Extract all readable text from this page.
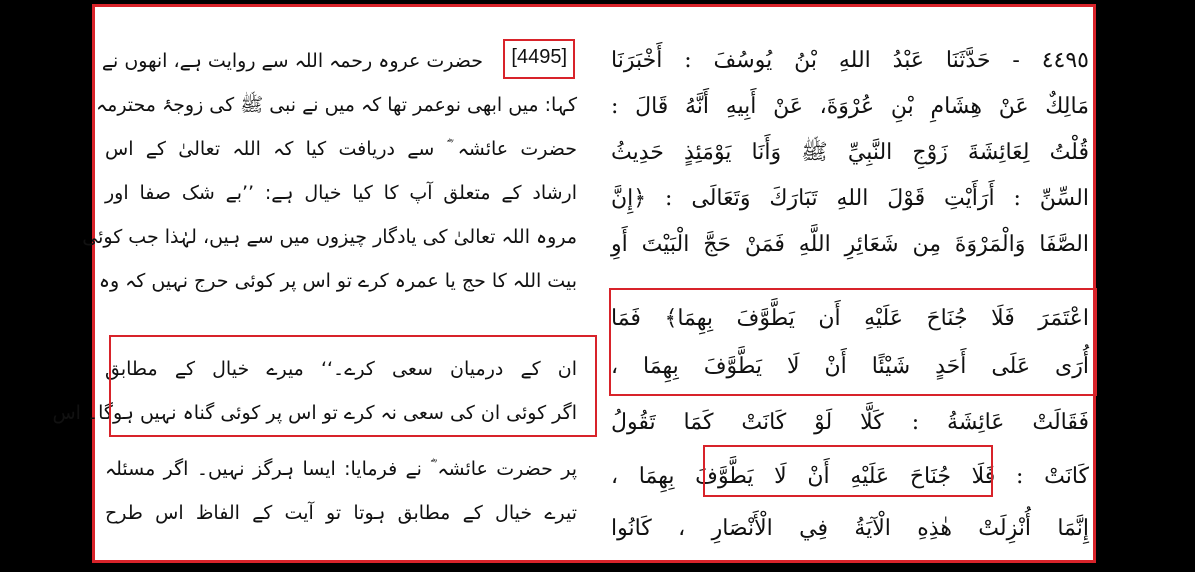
[4495]
حضرت عروہ رحمہ اللہ سے روایت ہے، انھوں نے
کہا: میں ابھی نوعمر تھا کہ میں نے نبی ﷺ کی زوجۂ محترمہ
حضرت عائشہ ؓ سے دریافت کیا کہ اللہ تعالیٰ کے اس
ارشاد کے متعلق آپ کا کیا خیال ہے: ’’بے شک صفا اور
مروہ اللہ تعالیٰ کی یادگار چیزوں میں سے ہیں، لہٰذا جب کوئی
بیت اللہ کا حج یا عمرہ کرے تو اس پر کوئی حرج نہیں کہ وہ
ان کے درمیان سعی کرے۔‘‘ میرے خیال کے مطابق
اگر کوئی ان کی سعی نہ کرے تو اس پر کوئی گناہ نہیں ہوگا۔ اس
پر حضرت عائشہ ؓ نے فرمایا: ایسا ہرگز نہیں۔ اگر مسئلہ
تیرے خیال کے مطابق ہوتا تو آیت کے الفاظ اس طرح
٤٤٩٥ - حَدَّثَنَا عَبْدُ اللهِ بْنُ يُوسُفَ : أَخْبَرَنَا
مَالِكٌ عَنْ هِشَامِ بْنِ عُرْوَةَ، عَنْ أَبِيهِ أَنَّهُ قَالَ :
قُلْتُ لِعَائِشَةَ زَوْجِ النَّبِيِّ ﷺ وَأَنَا يَوْمَئِذٍ حَدِيثُ
السِّنِّ : أَرَأَيْتِ قَوْلَ اللهِ تَبَارَكَ وَتَعَالَى : ﴿إِنَّ
الصَّفَا وَالْمَرْوَةَ مِن شَعَائِرِ اللَّهِ فَمَنْ حَجَّ الْبَيْتَ أَوِ
اعْتَمَرَ فَلَا جُنَاحَ عَلَيْهِ أَن يَطَّوَّفَ بِهِمَا﴾ فَمَا
أُرَى عَلَى أَحَدٍ شَيْئًا أَنْ لَا يَطَّوَّفَ بِهِمَا ،
فَقَالَتْ عَائِشَةُ : كَلَّا لَوْ كَانَتْ كَمَا تَقُولُ
كَانَتْ : فَلَا جُنَاحَ عَلَيْهِ أَنْ لَا يَطَّوَّفَ بِهِمَا ،
إِنَّمَا أُنْزِلَتْ هٰذِهِ الْآيَةُ فِي الْأَنْصَارِ ، كَانُوا
